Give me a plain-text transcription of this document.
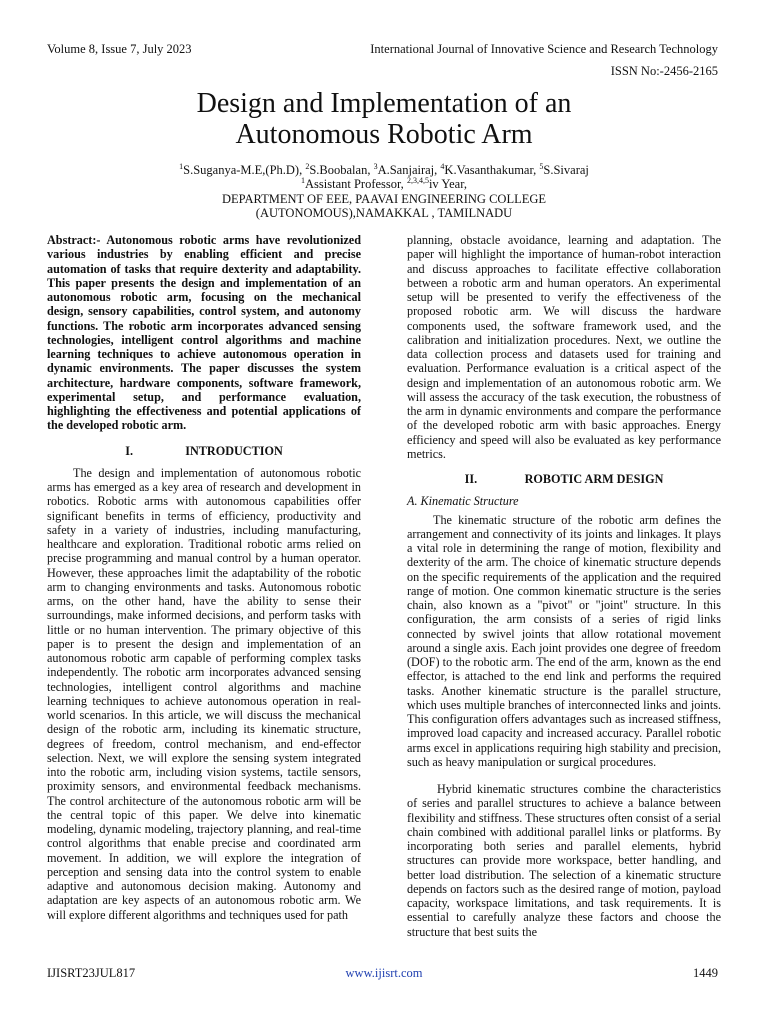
Volume 8, Issue 7, July 2023	International Journal of Innovative Science and Research Technology
ISSN No:-2456-2165
Design and Implementation of an
Autonomous Robotic Arm
$^1$S.Suganya-M.E,(Ph.D), $^2$S.Boobalan, $^3$A.Sanjairaj, $^4$K.Vasanthakumar, $^5$S.Sivaraj
$^1$Assistant Professor, $^{2,3,4,5}$iv Year,
DEPARTMENT OF EEE, PAAVAI ENGINEERING COLLEGE
(AUTONOMOUS),NAMAKKAL , TAMILNADU

Abstract:- Autonomous robotic arms have revolutionized various industries by enabling efficient and precise automation of tasks that require dexterity and adaptability. This paper presents the design and implementation of an autonomous robotic arm, focusing on the mechanical design, sensory capabilities, control system, and autonomy functions. The robotic arm incorporates advanced sensing technologies, intelligent control algorithms and machine learning techniques to achieve autonomous operation in dynamic environments. The paper discusses the system architecture, hardware components, software framework, experimental setup, and performance evaluation, highlighting the effectiveness and potential applications of the developed robotic arm.

I.	INTRODUCTION

The design and implementation of autonomous robotic arms has emerged as a key area of research and development in robotics. Robotic arms with autonomous capabilities offer significant benefits in terms of efficiency, productivity and safety in a variety of industries, including manufacturing, healthcare and exploration. Traditional robotic arms relied on precise programming and manual control by a human operator. However, these approaches limit the adaptability of the robotic arm to changing environments and tasks. Autonomous robotic arms, on the other hand, have the ability to sense their surroundings, make informed decisions, and perform tasks with little or no human intervention. The primary objective of this paper is to present the design and implementation of an autonomous robotic arm capable of performing complex tasks independently. The robotic arm incorporates advanced sensing technologies, intelligent control algorithms and machine learning techniques to achieve autonomous operation in real-world scenarios. In this article, we will discuss the mechanical design of the robotic arm, including its kinematic structure, degrees of freedom, control mechanism, and end-effector selection. Next, we will explore the sensing system integrated into the robotic arm, including vision systems, tactile sensors, proximity sensors, and environmental feedback mechanisms. The control architecture of the autonomous robotic arm will be the central topic of this paper. We delve into kinematic modeling, dynamic modeling, trajectory planning, and real-time control algorithms that enable precise and coordinated arm movement. In addition, we will explore the integration of perception and sensing data into the control system to enable adaptive and autonomous decision making. Autonomy and adaptation are key aspects of an autonomous robotic arm. We will explore different algorithms and techniques used for path

planning, obstacle avoidance, learning and adaptation. The paper will highlight the importance of human-robot interaction and discuss approaches to facilitate effective collaboration between a robotic arm and human operators. An experimental setup will be presented to verify the effectiveness of the proposed robotic arm. We will discuss the hardware components used, the software framework used, and the calibration and initialization procedures. Next, we outline the data collection process and datasets used for training and evaluation. Performance evaluation is a critical aspect of the design and implementation of an autonomous robotic arm. We will assess the accuracy of the task execution, the robustness of the arm in dynamic environments and compare the performance of the developed robotic arm with basic approaches. Energy efficiency and speed will also be evaluated as key performance metrics.

II.	ROBOTIC ARM DESIGN

A. Kinematic Structure

The kinematic structure of the robotic arm defines the arrangement and connectivity of its joints and linkages. It plays a vital role in determining the range of motion, flexibility and dexterity of the arm. The choice of kinematic structure depends on the specific requirements of the application and the required range of motion. One common kinematic structure is the series chain, also known as a "pivot" or "joint" structure. In this configuration, the arm consists of a series of rigid links connected by swivel joints that allow rotational movement around a single axis. Each joint provides one degree of freedom (DOF) to the robotic arm. The end of the arm, known as the end effector, is attached to the end link and performs the required tasks. Another kinematic structure is the parallel structure, which uses multiple branches of interconnected links and joints. This configuration offers advantages such as increased stiffness, improved load capacity and increased accuracy. Parallel robotic arms excel in applications requiring high stability and precision, such as heavy manipulation or surgical procedures.

Hybrid kinematic structures combine the characteristics of series and parallel structures to achieve a balance between flexibility and stiffness. These structures often consist of a serial chain combined with additional parallel links or platforms. By incorporating both series and parallel elements, hybrid structures can provide more workspace, better handling, and better load distribution. The selection of a kinematic structure depends on factors such as the desired range of motion, payload capacity, workspace limitations, and task requirements. It is essential to carefully analyze these factors and choose the structure that best suits the

IJISRT23JUL817	www.ijisrt.com	1449
